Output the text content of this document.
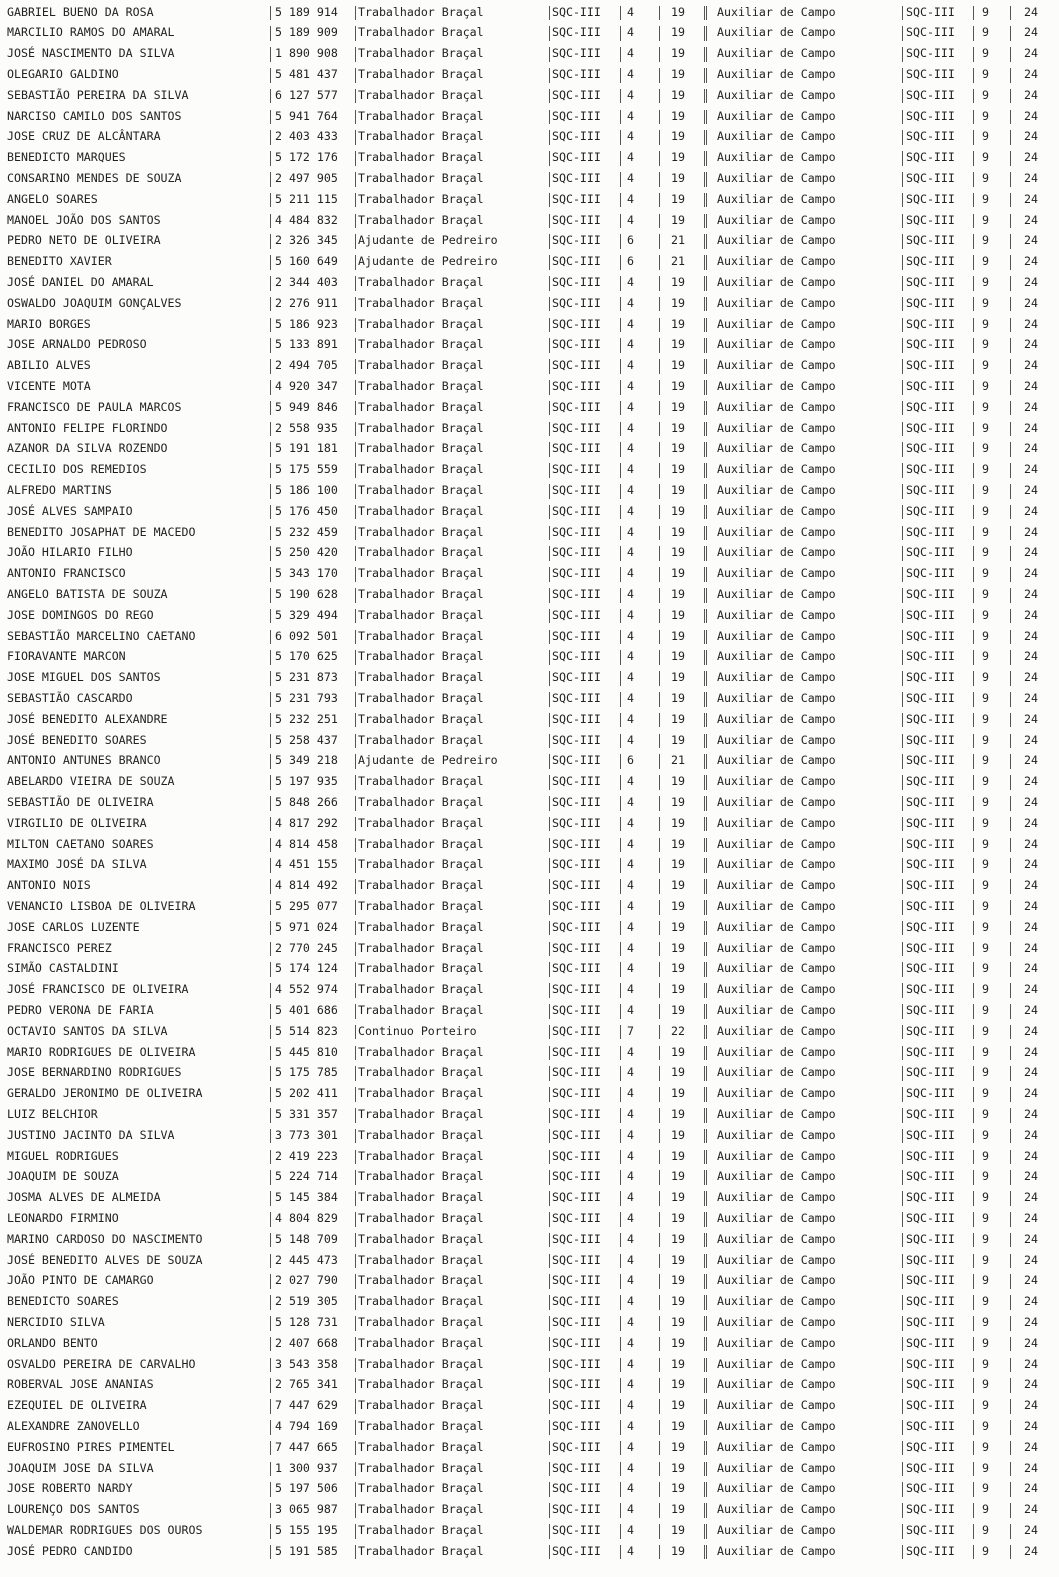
GABRIEL BUENO DA ROSA	5 189 914	Trabalhador Braçal	SQC-III	4	19	Auxiliar de Campo	SQC-III	9	24
MARCILIO RAMOS DO AMARAL	5 189 909	Trabalhador Braçal	SQC-III	4	19	Auxiliar de Campo	SQC-III	9	24
JOSÉ NASCIMENTO DA SILVA	1 890 908	Trabalhador Braçal	SQC-III	4	19	Auxiliar de Campo	SQC-III	9	24
OLEGARIO GALDINO	5 481 437	Trabalhador Braçal	SQC-III	4	19	Auxiliar de Campo	SQC-III	9	24
SEBASTIÃO PEREIRA DA SILVA	6 127 577	Trabalhador Braçal	SQC-III	4	19	Auxiliar de Campo	SQC-III	9	24
NARCISO CAMILO DOS SANTOS	5 941 764	Trabalhador Braçal	SQC-III	4	19	Auxiliar de Campo	SQC-III	9	24
JOSE CRUZ DE ALCÂNTARA	2 403 433	Trabalhador Braçal	SQC-III	4	19	Auxiliar de Campo	SQC-III	9	24
BENEDICTO MARQUES	5 172 176	Trabalhador Braçal	SQC-III	4	19	Auxiliar de Campo	SQC-III	9	24
CONSARINO MENDES DE SOUZA	2 497 905	Trabalhador Braçal	SQC-III	4	19	Auxiliar de Campo	SQC-III	9	24
ANGELO SOARES	5 211 115	Trabalhador Braçal	SQC-III	4	19	Auxiliar de Campo	SQC-III	9	24
MANOEL JOÃO DOS SANTOS	4 484 832	Trabalhador Braçal	SQC-III	4	19	Auxiliar de Campo	SQC-III	9	24
PEDRO NETO DE OLIVEIRA	2 326 345	Ajudante de Pedreiro	SQC-III	6	21	Auxiliar de Campo	SQC-III	9	24
BENEDITO XAVIER	5 160 649	Ajudante de Pedreiro	SQC-III	6	21	Auxiliar de Campo	SQC-III	9	24
JOSÉ DANIEL DO AMARAL	2 344 403	Trabalhador Braçal	SQC-III	4	19	Auxiliar de Campo	SQC-III	9	24
OSWALDO JOAQUIM GONÇALVES	2 276 911	Trabalhador Braçal	SQC-III	4	19	Auxiliar de Campo	SQC-III	9	24
MARIO BORGES	5 186 923	Trabalhador Braçal	SQC-III	4	19	Auxiliar de Campo	SQC-III	9	24
JOSE ARNALDO PEDROSO	5 133 891	Trabalhador Braçal	SQC-III	4	19	Auxiliar de Campo	SQC-III	9	24
ABILIO ALVES	2 494 705	Trabalhador Braçal	SQC-III	4	19	Auxiliar de Campo	SQC-III	9	24
VICENTE MOTA	4 920 347	Trabalhador Braçal	SQC-III	4	19	Auxiliar de Campo	SQC-III	9	24
FRANCISCO DE PAULA MARCOS	5 949 846	Trabalhador Braçal	SQC-III	4	19	Auxiliar de Campo	SQC-III	9	24
ANTONIO FELIPE FLORINDO	2 558 935	Trabalhador Braçal	SQC-III	4	19	Auxiliar de Campo	SQC-III	9	24
AZANOR DA SILVA ROZENDO	5 191 181	Trabalhador Braçal	SQC-III	4	19	Auxiliar de Campo	SQC-III	9	24
CECILIO DOS REMEDIOS	5 175 559	Trabalhador Braçal	SQC-III	4	19	Auxiliar de Campo	SQC-III	9	24
ALFREDO MARTINS	5 186 100	Trabalhador Braçal	SQC-III	4	19	Auxiliar de Campo	SQC-III	9	24
JOSÉ ALVES SAMPAIO	5 176 450	Trabalhador Braçal	SQC-III	4	19	Auxiliar de Campo	SQC-III	9	24
BENEDITO JOSAPHAT DE MACEDO	5 232 459	Trabalhador Braçal	SQC-III	4	19	Auxiliar de Campo	SQC-III	9	24
JOÃO HILARIO FILHO	5 250 420	Trabalhador Braçal	SQC-III	4	19	Auxiliar de Campo	SQC-III	9	24
ANTONIO FRANCISCO	5 343 170	Trabalhador Braçal	SQC-III	4	19	Auxiliar de Campo	SQC-III	9	24
ANGELO BATISTA DE SOUZA	5 190 628	Trabalhador Braçal	SQC-III	4	19	Auxiliar de Campo	SQC-III	9	24
JOSE DOMINGOS DO REGO	5 329 494	Trabalhador Braçal	SQC-III	4	19	Auxiliar de Campo	SQC-III	9	24
SEBASTIÃO MARCELINO CAETANO	6 092 501	Trabalhador Braçal	SQC-III	4	19	Auxiliar de Campo	SQC-III	9	24
FIORAVANTE MARCON	5 170 625	Trabalhador Braçal	SQC-III	4	19	Auxiliar de Campo	SQC-III	9	24
JOSE MIGUEL DOS SANTOS	5 231 873	Trabalhador Braçal	SQC-III	4	19	Auxiliar de Campo	SQC-III	9	24
SEBASTIÃO CASCARDO	5 231 793	Trabalhador Braçal	SQC-III	4	19	Auxiliar de Campo	SQC-III	9	24
JOSÉ BENEDITO ALEXANDRE	5 232 251	Trabalhador Braçal	SQC-III	4	19	Auxiliar de Campo	SQC-III	9	24
JOSÉ BENEDITO SOARES	5 258 437	Trabalhador Braçal	SQC-III	4	19	Auxiliar de Campo	SQC-III	9	24
ANTONIO ANTUNES BRANCO	5 349 218	Ajudante de Pedreiro	SQC-III	6	21	Auxiliar de Campo	SQC-III	9	24
ABELARDO VIEIRA DE SOUZA	5 197 935	Trabalhador Braçal	SQC-III	4	19	Auxiliar de Campo	SQC-III	9	24
SEBASTIÃO DE OLIVEIRA	5 848 266	Trabalhador Braçal	SQC-III	4	19	Auxiliar de Campo	SQC-III	9	24
VIRGILIO DE OLIVEIRA	4 817 292	Trabalhador Braçal	SQC-III	4	19	Auxiliar de Campo	SQC-III	9	24
MILTON CAETANO SOARES	4 814 458	Trabalhador Braçal	SQC-III	4	19	Auxiliar de Campo	SQC-III	9	24
MAXIMO JOSÉ DA SILVA	4 451 155	Trabalhador Braçal	SQC-III	4	19	Auxiliar de Campo	SQC-III	9	24
ANTONIO NOIS	4 814 492	Trabalhador Braçal	SQC-III	4	19	Auxiliar de Campo	SQC-III	9	24
VENANCIO LISBOA DE OLIVEIRA	5 295 077	Trabalhador Braçal	SQC-III	4	19	Auxiliar de Campo	SQC-III	9	24
JOSE CARLOS LUZENTE	5 971 024	Trabalhador Braçal	SQC-III	4	19	Auxiliar de Campo	SQC-III	9	24
FRANCISCO PEREZ	2 770 245	Trabalhador Braçal	SQC-III	4	19	Auxiliar de Campo	SQC-III	9	24
SIMÃO CASTALDINI	5 174 124	Trabalhador Braçal	SQC-III	4	19	Auxiliar de Campo	SQC-III	9	24
JOSÉ FRANCISCO DE OLIVEIRA	4 552 974	Trabalhador Braçal	SQC-III	4	19	Auxiliar de Campo	SQC-III	9	24
PEDRO VERONA DE FARIA	5 401 686	Trabalhador Braçal	SQC-III	4	19	Auxiliar de Campo	SQC-III	9	24
OCTAVIO SANTOS DA SILVA	5 514 823	Continuo Porteiro	SQC-III	7	22	Auxiliar de Campo	SQC-III	9	24
MARIO RODRIGUES DE OLIVEIRA	5 445 810	Trabalhador Braçal	SQC-III	4	19	Auxiliar de Campo	SQC-III	9	24
JOSE BERNARDINO RODRIGUES	5 175 785	Trabalhador Braçal	SQC-III	4	19	Auxiliar de Campo	SQC-III	9	24
GERALDO JERONIMO DE OLIVEIRA	5 202 411	Trabalhador Braçal	SQC-III	4	19	Auxiliar de Campo	SQC-III	9	24
LUIZ BELCHIOR	5 331 357	Trabalhador Braçal	SQC-III	4	19	Auxiliar de Campo	SQC-III	9	24
JUSTINO JACINTO DA SILVA	3 773 301	Trabalhador Braçal	SQC-III	4	19	Auxiliar de Campo	SQC-III	9	24
MIGUEL RODRIGUES	2 419 223	Trabalhador Braçal	SQC-III	4	19	Auxiliar de Campo	SQC-III	9	24
JOAQUIM DE SOUZA	5 224 714	Trabalhador Braçal	SQC-III	4	19	Auxiliar de Campo	SQC-III	9	24
JOSMA ALVES DE ALMEIDA	5 145 384	Trabalhador Braçal	SQC-III	4	19	Auxiliar de Campo	SQC-III	9	24
LEONARDO FIRMINO	4 804 829	Trabalhador Braçal	SQC-III	4	19	Auxiliar de Campo	SQC-III	9	24
MARINO CARDOSO DO NASCIMENTO	5 148 709	Trabalhador Braçal	SQC-III	4	19	Auxiliar de Campo	SQC-III	9	24
JOSÉ BENEDITO ALVES DE SOUZA	2 445 473	Trabalhador Braçal	SQC-III	4	19	Auxiliar de Campo	SQC-III	9	24
JOÃO PINTO DE CAMARGO	2 027 790	Trabalhador Braçal	SQC-III	4	19	Auxiliar de Campo	SQC-III	9	24
BENEDICTO SOARES	2 519 305	Trabalhador Braçal	SQC-III	4	19	Auxiliar de Campo	SQC-III	9	24
NERCIDIO SILVA	5 128 731	Trabalhador Braçal	SQC-III	4	19	Auxiliar de Campo	SQC-III	9	24
ORLANDO BENTO	2 407 668	Trabalhador Braçal	SQC-III	4	19	Auxiliar de Campo	SQC-III	9	24
OSVALDO PEREIRA DE CARVALHO	3 543 358	Trabalhador Braçal	SQC-III	4	19	Auxiliar de Campo	SQC-III	9	24
ROBERVAL JOSE ANANIAS	2 765 341	Trabalhador Braçal	SQC-III	4	19	Auxiliar de Campo	SQC-III	9	24
EZEQUIEL DE OLIVEIRA	7 447 629	Trabalhador Braçal	SQC-III	4	19	Auxiliar de Campo	SQC-III	9	24
ALEXANDRE ZANOVELLO	4 794 169	Trabalhador Braçal	SQC-III	4	19	Auxiliar de Campo	SQC-III	9	24
EUFROSINO PIRES PIMENTEL	7 447 665	Trabalhador Braçal	SQC-III	4	19	Auxiliar de Campo	SQC-III	9	24
JOAQUIM JOSE DA SILVA	1 300 937	Trabalhador Braçal	SQC-III	4	19	Auxiliar de Campo	SQC-III	9	24
JOSE ROBERTO NARDY	5 197 506	Trabalhador Braçal	SQC-III	4	19	Auxiliar de Campo	SQC-III	9	24
LOURENÇO DOS SANTOS	3 065 987	Trabalhador Braçal	SQC-III	4	19	Auxiliar de Campo	SQC-III	9	24
WALDEMAR RODRIGUES DOS OUROS	5 155 195	Trabalhador Braçal	SQC-III	4	19	Auxiliar de Campo	SQC-III	9	24
JOSÉ PEDRO CANDIDO	5 191 585	Trabalhador Braçal	SQC-III	4	19	Auxiliar de Campo	SQC-III	9	24
